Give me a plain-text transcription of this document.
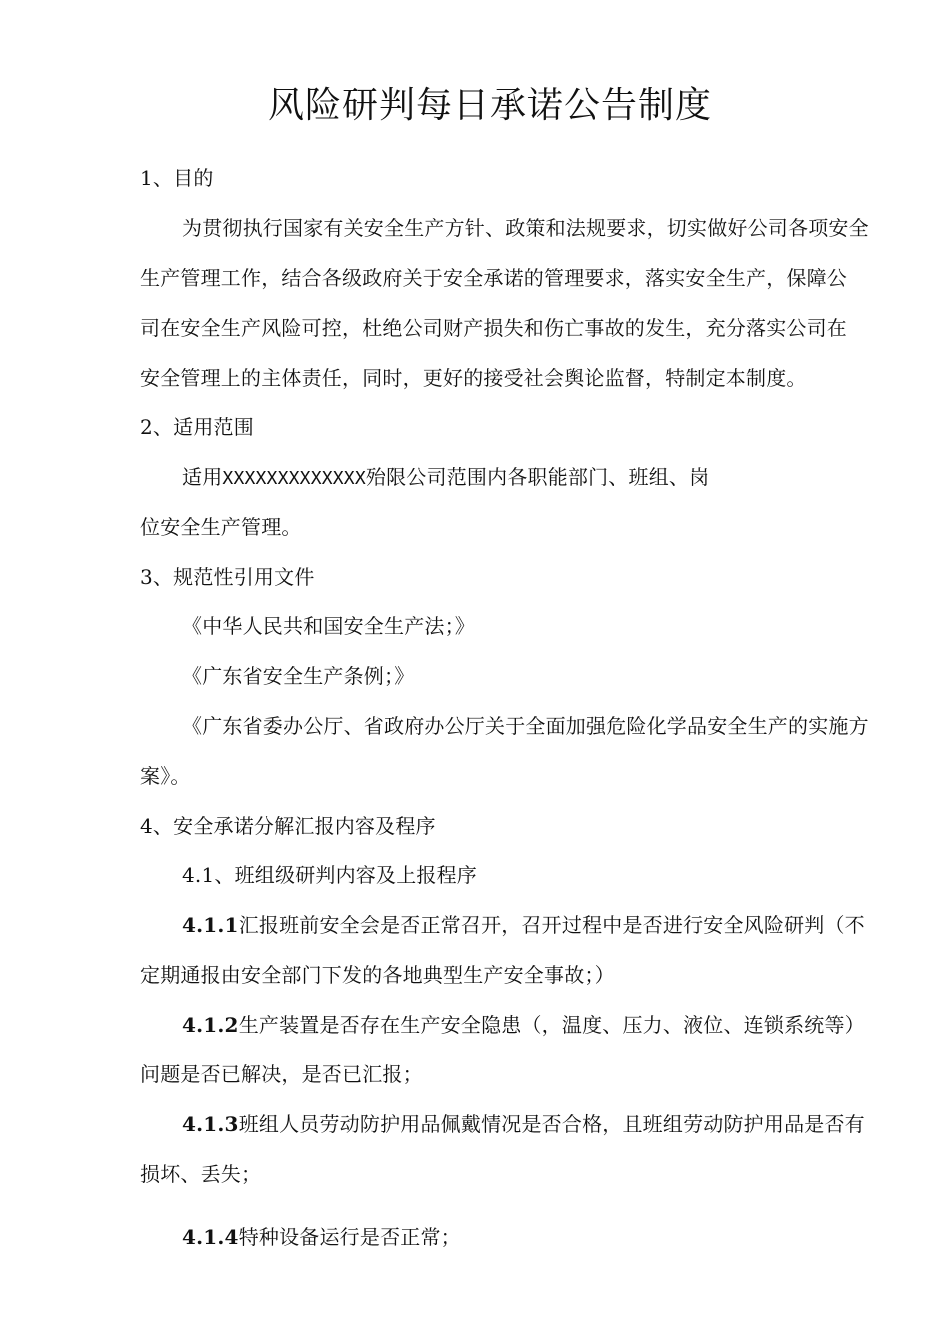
风险研判每日承诺公告制度
1、目的
为贯彻执行国家有关安全生产方针、政策和法规要求，切实做好公司各项安全
生产管理工作，结合各级政府关于安全承诺的管理要求，落实安全生产，保障公
司在安全生产风险可控，杜绝公司财产损失和伤亡事故的发生，充分落实公司在
安全管理上的主体责任，同时，更好的接受社会舆论监督，特制定本制度。
2、适用范围
适用XXXXXXXXXXXXX殆限公司范围内各职能部门、班组、岗
位安全生产管理。
3、规范性引用文件
《中华人民共和国安全生产法；》
《广东省安全生产条例；》
《广东省委办公厅、省政府办公厅关于全面加强危险化学品安全生产的实施方
案》。
4、安全承诺分解汇报内容及程序
4.1、班组级研判内容及上报程序
4.1.1汇报班前安全会是否正常召开，召开过程中是否进行安全风险研判（不
定期通报由安全部门下发的各地典型生产安全事故；）
4.1.2生产装置是否存在生产安全隐患（，温度、压力、液位、连锁系统等）
问题是否已解决，是否已汇报；
4.1.3班组人员劳动防护用品佩戴情况是否合格，且班组劳动防护用品是否有
损坏、丢失；
4.1.4特种设备运行是否正常；
